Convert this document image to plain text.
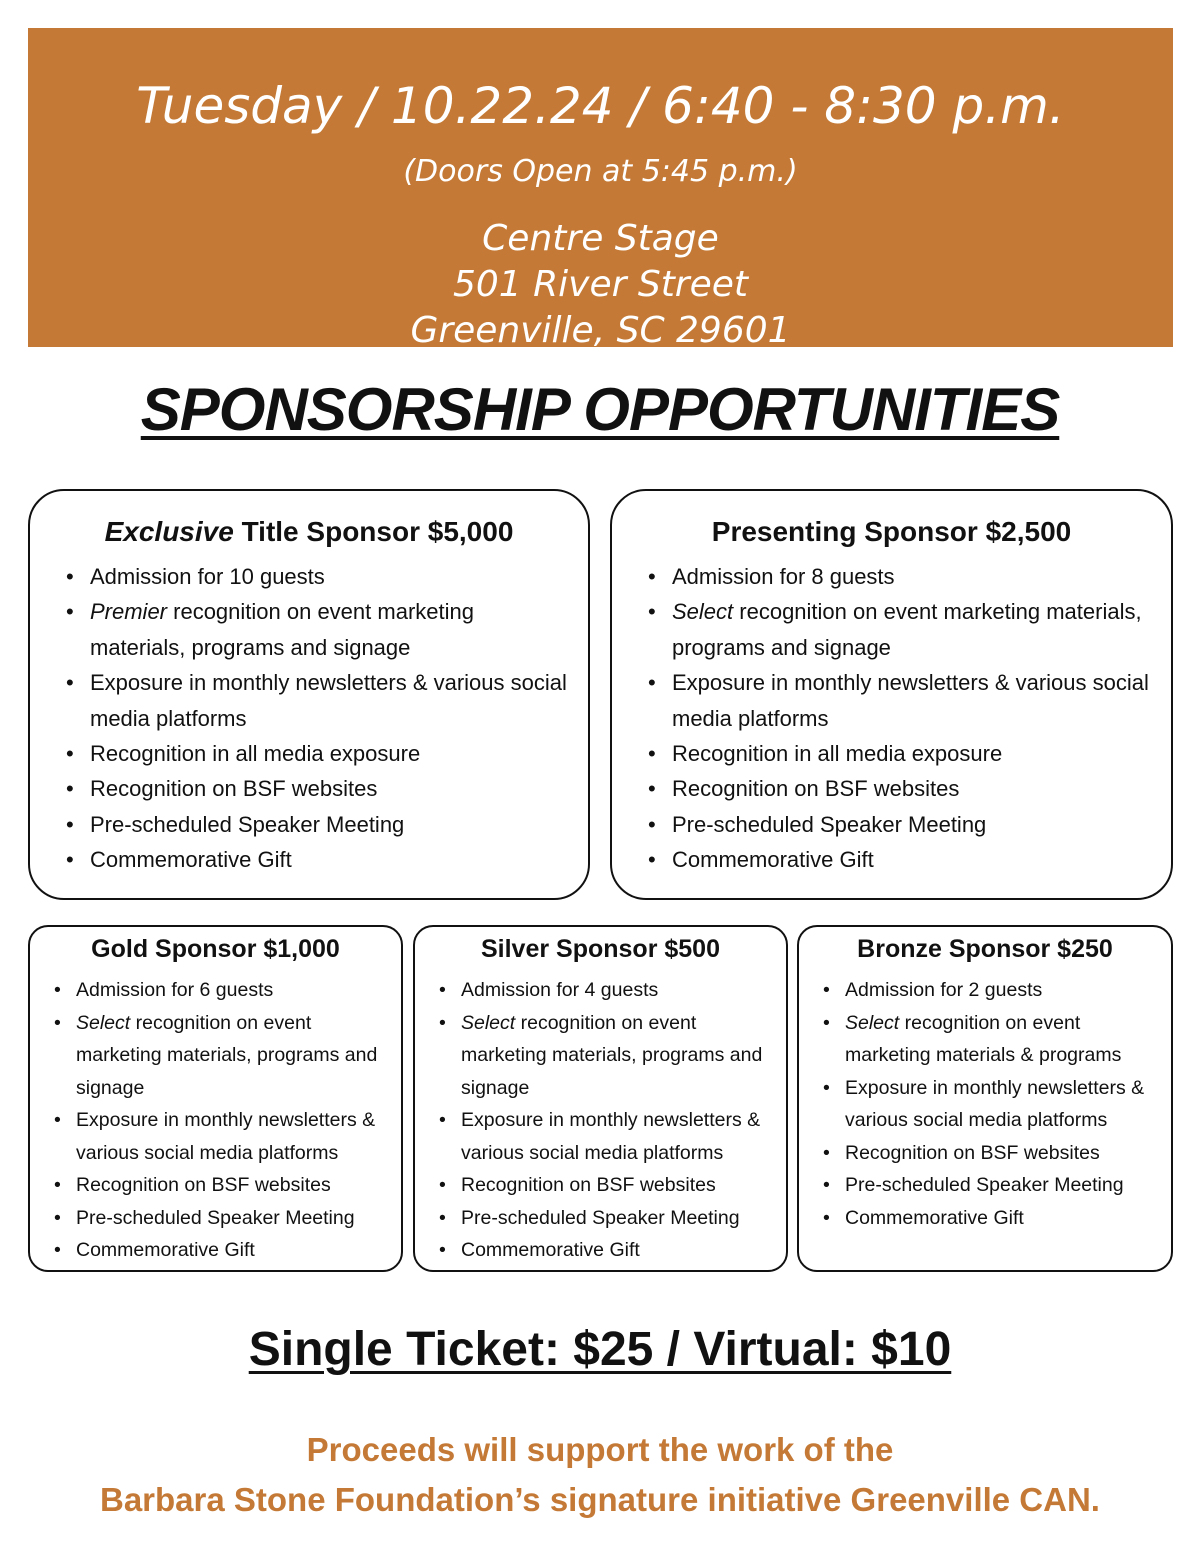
Tuesday / 10.22.24 / 6:40 - 8:30 p.m.
(Doors Open at 5:45 p.m.)
Centre Stage
501 River Street
Greenville, SC 29601
SPONSORSHIP OPPORTUNITIES
Exclusive Title Sponsor $5,000
• Admission for 10 guests
• Premier recognition on event marketing materials, programs and signage
• Exposure in monthly newsletters & various social media platforms
• Recognition in all media exposure
• Recognition on BSF websites
• Pre-scheduled Speaker Meeting
• Commemorative Gift
Presenting Sponsor $2,500
• Admission for 8 guests
• Select recognition on event marketing materials, programs and signage
• Exposure in monthly newsletters & various social media platforms
• Recognition in all media exposure
• Recognition on BSF websites
• Pre-scheduled Speaker Meeting
• Commemorative Gift
Gold Sponsor $1,000
• Admission for 6 guests
• Select recognition on event marketing materials, programs and signage
• Exposure in monthly newsletters & various social media platforms
• Recognition on BSF websites
• Pre-scheduled Speaker Meeting
• Commemorative Gift
Silver Sponsor $500
• Admission for 4 guests
• Select recognition on event marketing materials, programs and signage
• Exposure in monthly newsletters & various social media platforms
• Recognition on BSF websites
• Pre-scheduled Speaker Meeting
• Commemorative Gift
Bronze Sponsor $250
• Admission for 2 guests
• Select recognition on event marketing materials & programs
• Exposure in monthly newsletters & various social media platforms
• Recognition on BSF websites
• Pre-scheduled Speaker Meeting
• Commemorative Gift
Single Ticket: $25 / Virtual: $10
Proceeds will support the work of the
Barbara Stone Foundation’s signature initiative Greenville CAN.
